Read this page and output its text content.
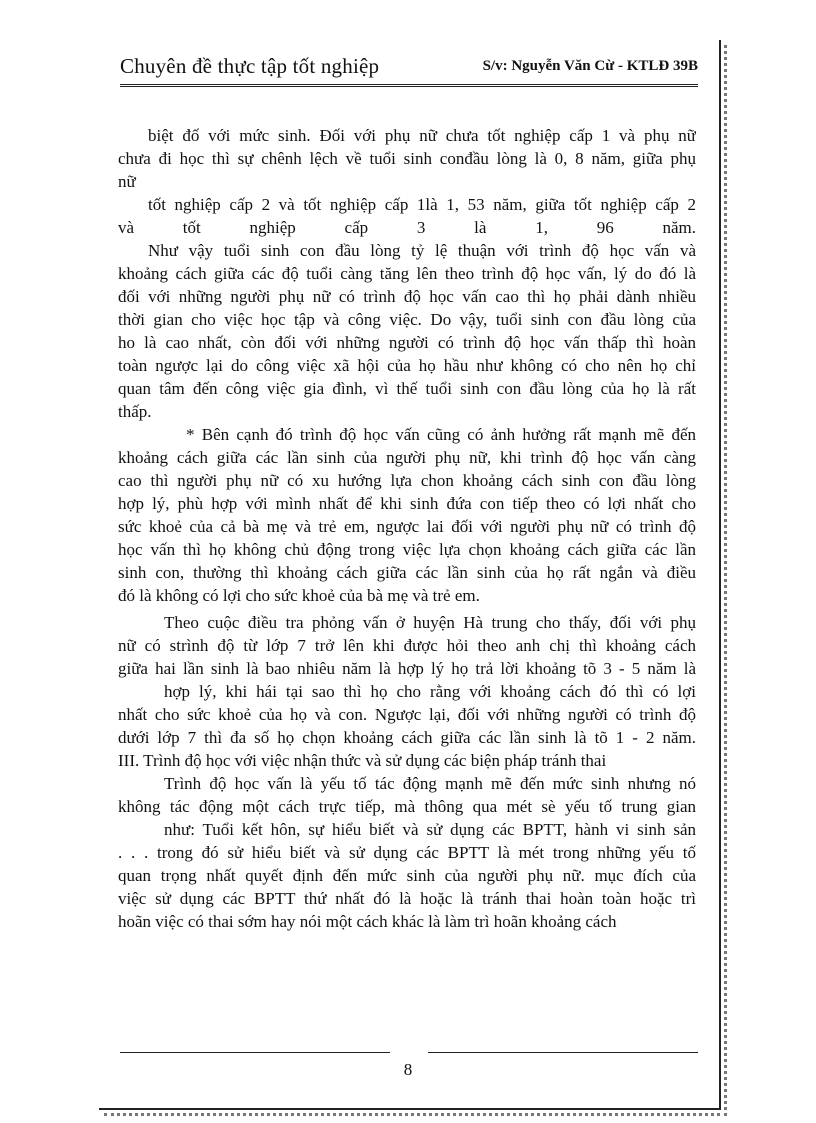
Chuyên đề thực tập tốt nghiệp	S/v: Nguyễn Văn Cừ - KTLĐ 39B
biệt đố với mức sinh. Đối với phụ nữ chưa tốt nghiệp cấp 1 và phụ nữ
chưa đi học thì sự chênh lệch về tuổi sinh conđầu lòng là 0, 8 năm, giữa phụ
nữ
tốt nghiệp cấp 2 và tốt nghiệp cấp 1là 1, 53 năm, giữa tốt nghiệp cấp 2
và tốt nghiệp cấp 3 là 1, 96 năm.
Như vậy tuổi sinh con đầu lòng tỷ lệ thuận với trình độ học vấn và
khoảng cách giữa các độ tuổi càng tăng lên theo trình độ học vấn, lý do đó là
đối với những người phụ nữ có trình độ học vấn cao thì họ phải dành nhiều
thời gian cho việc học tập và công việc. Do vậy, tuổi sinh con đầu lòng của
ho là cao nhất, còn đối với những người có trình độ học vấn thấp thì hoàn
toàn ngược lại do công việc xã hội của họ hầu như không có cho nên họ chỉ
quan tâm đến công việc gia đình, vì thế tuổi sinh con đầu lòng của họ là rất
thấp.
* Bên cạnh đó trình độ học vấn cũng có ảnh hưởng rất mạnh mẽ đến
khoảng cách giữa các lần sinh của người phụ nữ, khi trình độ học vấn càng
cao thì người phụ nữ có xu hướng lựa chon khoảng cách sinh con đầu lòng
hợp lý, phù hợp với mình nhất để khi sinh đứa con tiếp theo có lợi nhất cho
sức khoẻ của cả bà mẹ và trẻ em, ngược lai đối với người phụ nữ có trình độ
học vấn thì họ không chủ động trong việc lựa chọn khoảng cách giữa các lần
sinh con, thường thì khoảng cách giữa các lần sinh của họ rất ngắn và điều
đó là không có lợi cho sức khoẻ của bà mẹ và trẻ em.
Theo cuộc điều tra phỏng vấn ở huyện Hà trung cho thấy, đối với phụ
nữ có strình độ từ lớp 7 trở lên khi được hỏi theo anh chị thì khoảng cách
giữa hai lần sinh là bao nhiêu năm là hợp lý họ trả lời khoảng tõ 3 - 5 năm là
hợp lý, khi hái tại sao thì họ cho rằng với khoảng cách đó thì có lợi
nhất cho sức khoẻ của họ và con. Ngược lại, đối với những người có trình độ
dưới lớp 7 thì đa số họ chọn khoảng cách giữa các lần sinh là tõ 1 - 2 năm.
III. Trình độ học với việc nhận thức và sử dụng các biện pháp tránh thai
Trình độ học vấn là yếu tố tác động mạnh mẽ đến mức sinh nhưng nó
không tác động một cách trực tiếp, mà thông qua mét sè yếu tố trung gian
như: Tuổi kết hôn, sự hiểu biết và sử dụng các BPTT, hành vi sinh sản
. . . trong đó sử hiểu biết và sử dụng các BPTT là mét trong những yếu tố
quan trọng nhất quyết định đến mức sinh của người phụ nữ. mục đích của
việc sử dụng các BPTT thứ nhất đó là hoặc là tránh thai hoàn toàn hoặc trì
hoãn việc có thai sớm hay nói một cách khác là làm trì hoãn khoảng cách
8
